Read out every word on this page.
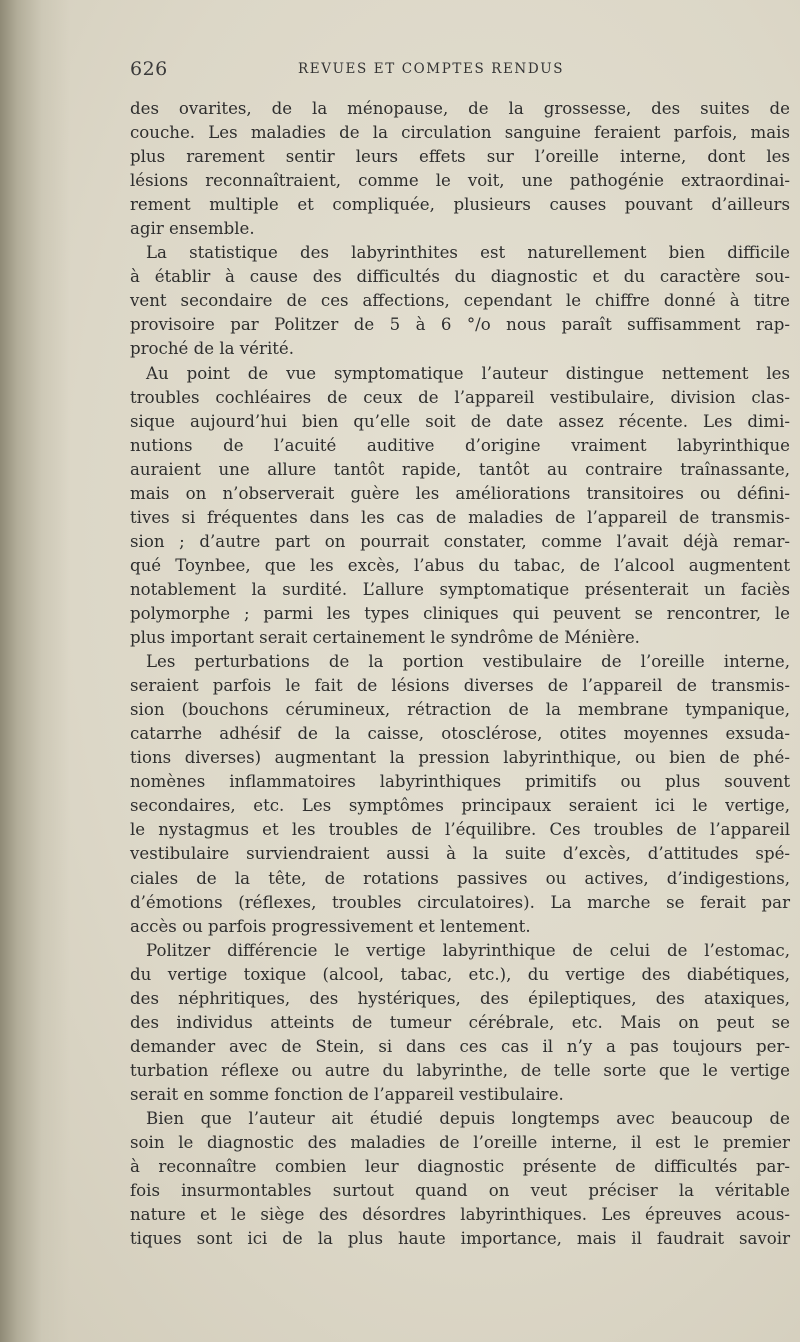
626	REVUES ET COMPTES RENDUS
des ovarites, de la ménopause, de la grossesse, des suites de
couche. Les maladies de la circulation sanguine feraient parfois, mais
plus rarement sentir leurs effets sur l’oreille interne, dont les
lésions reconnaîtraient, comme le voit, une pathogénie extraordinai-
rement multiple et compliquée, plusieurs causes pouvant d’ailleurs
agir ensemble.
La statistique des labyrinthites est naturellement bien difficile
à établir à cause des difficultés du diagnostic et du caractère sou-
vent secondaire de ces affections, cependant le chiffre donné à titre
provisoire par Politzer de 5 à 6 °/o nous paraît suffisamment rap-
proché de la vérité.
Au point de vue symptomatique l’auteur distingue nettement les
troubles cochléaires de ceux de l’appareil vestibulaire, division clas-
sique aujourd’hui bien qu’elle soit de date assez récente. Les dimi-
nutions de l’acuité auditive d’origine vraiment labyrinthique
auraient une allure tantôt rapide, tantôt au contraire traînassante,
mais on n’observerait guère les améliorations transitoires ou défini-
tives si fréquentes dans les cas de maladies de l’appareil de transmis-
sion ; d’autre part on pourrait constater, comme l’avait déjà remar-
qué Toynbee, que les excès, l’abus du tabac, de l’alcool augmentent
notablement la surdité. L’allure symptomatique présenterait un faciès
polymorphe ; parmi les types cliniques qui peuvent se rencontrer, le
plus important serait certainement le syndrôme de Ménière.
Les perturbations de la portion vestibulaire de l’oreille interne,
seraient parfois le fait de lésions diverses de l’appareil de transmis-
sion (bouchons cérumineux, rétraction de la membrane tympanique,
catarrhe adhésif de la caisse, otosclérose, otites moyennes exsuda-
tions diverses) augmentant la pression labyrinthique, ou bien de phé-
nomènes inflammatoires labyrinthiques primitifs ou plus souvent
secondaires, etc. Les symptômes principaux seraient ici le vertige,
le nystagmus et les troubles de l’équilibre. Ces troubles de l’appareil
vestibulaire surviendraient aussi à la suite d’excès, d’attitudes spé-
ciales de la tête, de rotations passives ou actives, d’indigestions,
d’émotions (réflexes, troubles circulatoires). La marche se ferait par
accès ou parfois progressivement et lentement.
Politzer différencie le vertige labyrinthique de celui de l’estomac,
du vertige toxique (alcool, tabac, etc.), du vertige des diabétiques,
des néphritiques, des hystériques, des épileptiques, des ataxiques,
des individus atteints de tumeur cérébrale, etc. Mais on peut se
demander avec de Stein, si dans ces cas il n’y a pas toujours per-
turbation réflexe ou autre du labyrinthe, de telle sorte que le vertige
serait en somme fonction de l’appareil vestibulaire.
Bien que l’auteur ait étudié depuis longtemps avec beaucoup de
soin le diagnostic des maladies de l’oreille interne, il est le premier
à reconnaître combien leur diagnostic présente de difficultés par-
fois insurmontables surtout quand on veut préciser la véritable
nature et le siège des désordres labyrinthiques. Les épreuves acous-
tiques sont ici de la plus haute importance, mais il faudrait savoir
